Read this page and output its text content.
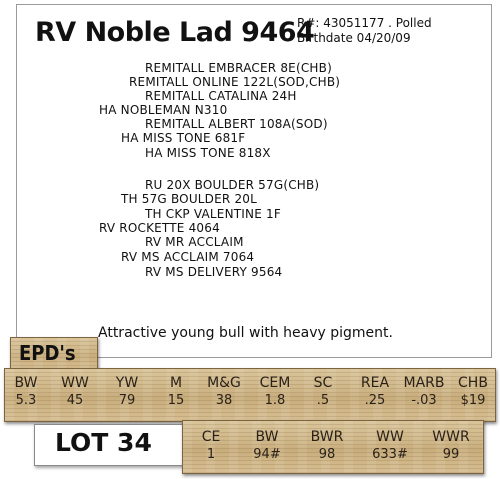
RV Noble Lad 9464
R#: 43051177 . Polled
Birthdate 04/20/09
REMITALL EMBRACER 8E(CHB)
REMITALL ONLINE 122L(SOD,CHB)
REMITALL CATALINA 24H
HA NOBLEMAN N310
REMITALL ALBERT 108A(SOD)
HA MISS TONE 681F
HA MISS TONE 818X
RU 20X BOULDER 57G(CHB)
TH 57G BOULDER 20L
TH CKP VALENTINE 1F
RV ROCKETTE 4064
RV MR ACCLAIM
RV MS ACCLAIM 7064
RV MS DELIVERY 9564
Attractive young bull with heavy pigment.
EPD's
BW
5.3
WW
45
YW
79
M
15
M&G
38
CEM
1.8
SC
.5
REA
.25
MARB
-.03
CHB
$19
LOT 34	CE
1
BW
94#
BWR
98
WW
633#
WWR
99
